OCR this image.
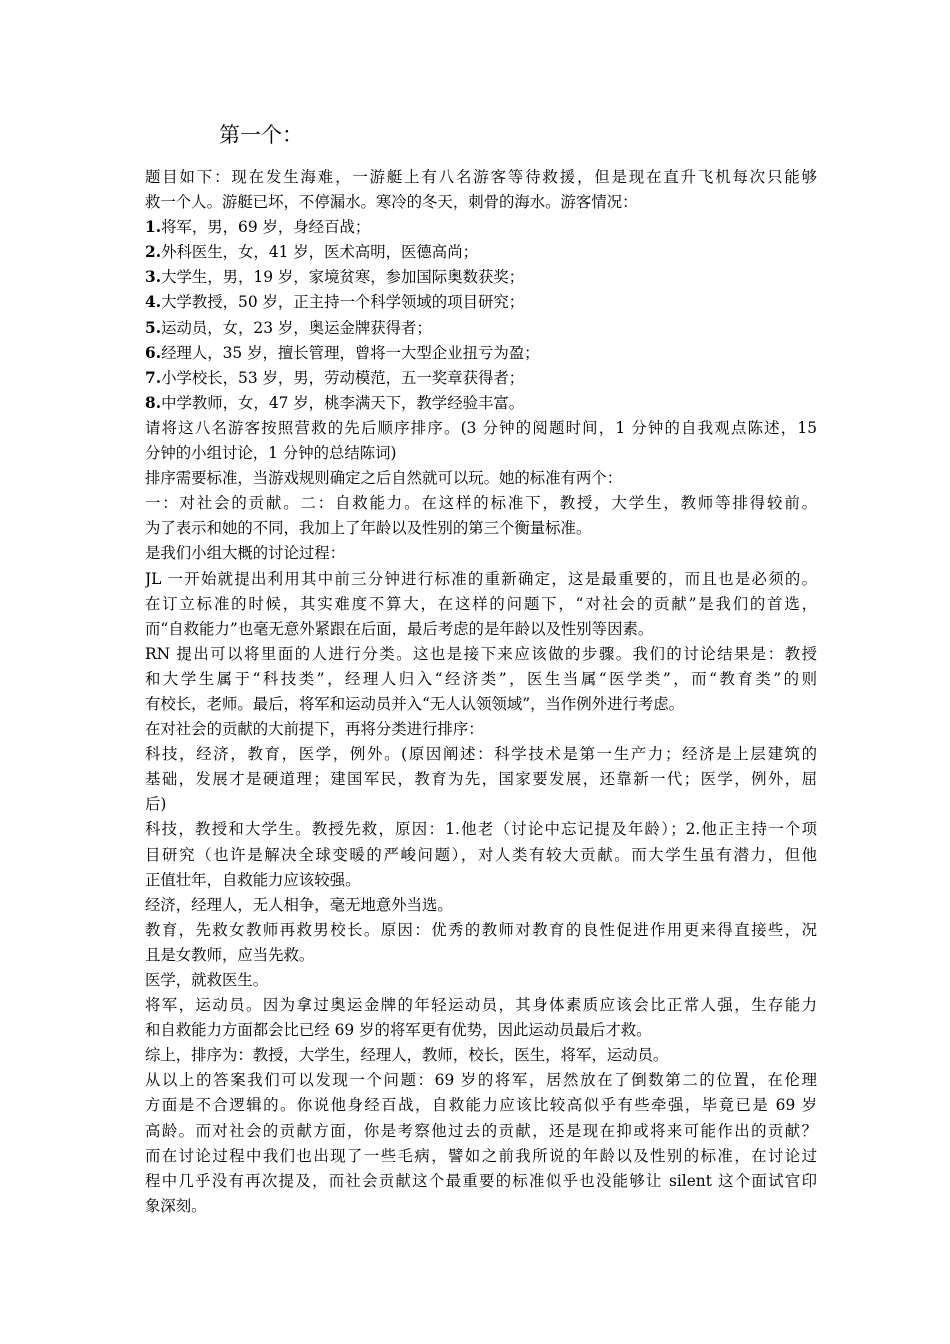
第一个：
题目如下：现在发生海难，一游艇上有八名游客等待救援，但是现在直升飞机每次只能够
救一个人。游艇已坏，不停漏水。寒冷的冬天，刺骨的海水。游客情况：
1.将军，男，69 岁，身经百战；
2.外科医生，女，41 岁，医术高明，医德高尚；
3.大学生，男，19 岁，家境贫寒，参加国际奥数获奖；
4.大学教授，50 岁，正主持一个科学领域的项目研究；
5.运动员，女，23 岁，奥运金牌获得者；
6.经理人，35 岁，擅长管理，曾将一大型企业扭亏为盈；
7.小学校长，53 岁，男，劳动模范，五一奖章获得者；
8.中学教师，女，47 岁，桃李满天下，教学经验丰富。
请将这八名游客按照营救的先后顺序排序。(3 分钟的阅题时间，1 分钟的自我观点陈述，15
分钟的小组讨论，1 分钟的总结陈词)
排序需要标准，当游戏规则确定之后自然就可以玩。她的标准有两个：
一：对社会的贡献。二：自救能力。在这样的标准下，教授，大学生，教师等排得较前。
为了表示和她的不同，我加上了年龄以及性别的第三个衡量标准。
是我们小组大概的讨论过程：
JL 一开始就提出利用其中前三分钟进行标准的重新确定，这是最重要的，而且也是必须的。
在订立标准的时候，其实难度不算大，在这样的问题下，“对社会的贡献”是我们的首选，
而“自救能力”也毫无意外紧跟在后面，最后考虑的是年龄以及性别等因素。
RN 提出可以将里面的人进行分类。这也是接下来应该做的步骤。我们的讨论结果是：教授
和大学生属于“科技类”，经理人归入“经济类”，医生当属“医学类”，而“教育类”的则
有校长，老师。最后，将军和运动员并入“无人认领领域”，当作例外进行考虑。
在对社会的贡献的大前提下，再将分类进行排序：
科技，经济，教育，医学，例外。(原因阐述：科学技术是第一生产力；经济是上层建筑的
基础，发展才是硬道理；建国军民，教育为先，国家要发展，还靠新一代；医学，例外，屈
后)
科技，教授和大学生。教授先救，原因：1.他老（讨论中忘记提及年龄）；2.他正主持一个项
目研究（也许是解决全球变暖的严峻问题），对人类有较大贡献。而大学生虽有潜力，但他
正值壮年，自救能力应该较强。
经济，经理人，无人相争，毫无地意外当选。
教育，先救女教师再救男校长。原因：优秀的教师对教育的良性促进作用更来得直接些，况
且是女教师，应当先救。
医学，就救医生。
将军，运动员。因为拿过奥运金牌的年轻运动员，其身体素质应该会比正常人强，生存能力
和自救能力方面都会比已经 69 岁的将军更有优势，因此运动员最后才救。
综上，排序为：教授，大学生，经理人，教师，校长，医生，将军，运动员。
从以上的答案我们可以发现一个问题：69 岁的将军，居然放在了倒数第二的位置，在伦理
方面是不合逻辑的。你说他身经百战，自救能力应该比较高似乎有些牵强，毕竟已是 69 岁
高龄。而对社会的贡献方面，你是考察他过去的贡献，还是现在抑或将来可能作出的贡献？
而在讨论过程中我们也出现了一些毛病，譬如之前我所说的年龄以及性别的标准，在讨论过
程中几乎没有再次提及，而社会贡献这个最重要的标准似乎也没能够让 silent 这个面试官印
象深刻。
